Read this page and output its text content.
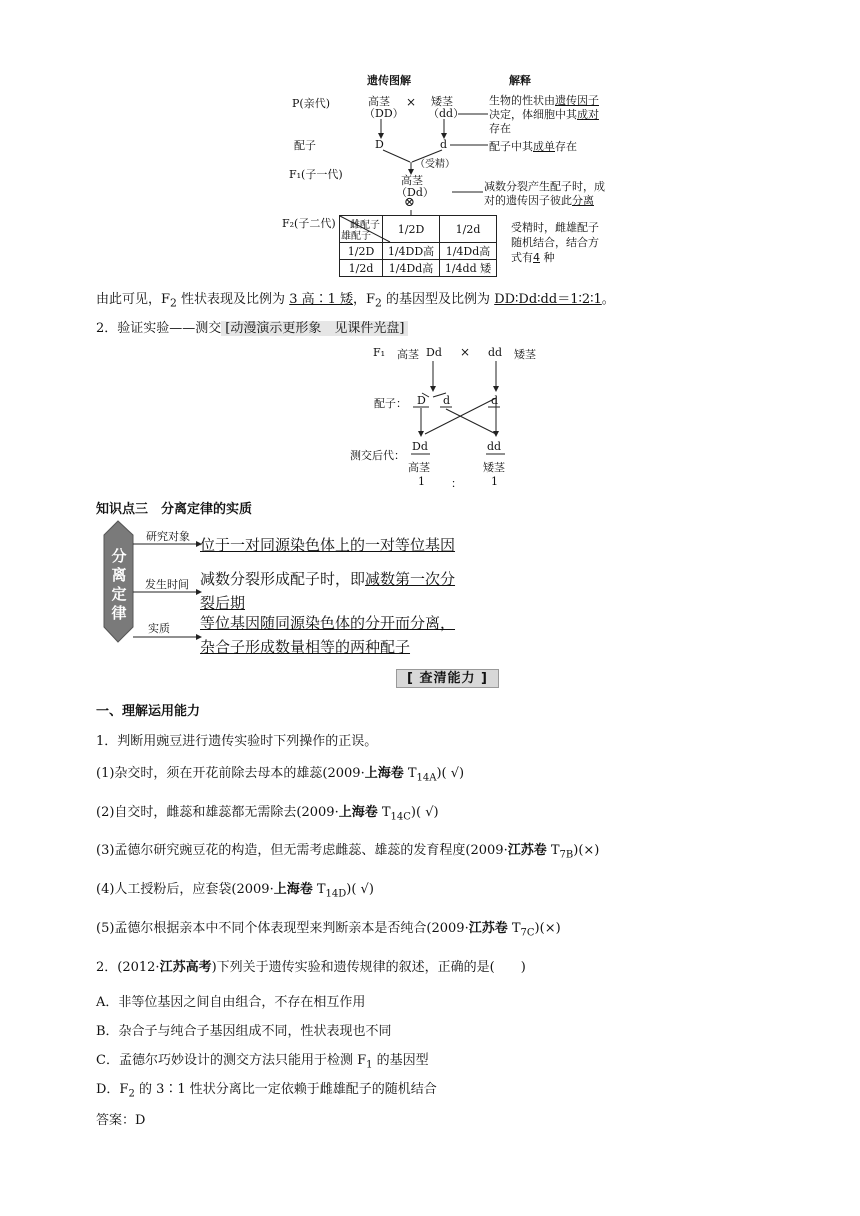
遗传图解	解释
P(亲代)	高茎
（DD）
× 矮茎
（dd）
生物的性状由遗传因子
决定，体细胞中其成对
存在
配子	D	d	配子中其成单存在
（受精）
F₁(子一代)	高茎
（Dd）
⊗
减数分裂产生配子时，成
对的遗传因子彼此分离
F₂(子二代) 雌配子
雄配子	1/2D	1/2d
1/2D	1/4DD高	1/4Dd高
1/2d	1/4Dd高	1/4dd 矮
受精时，雌雄配子
随机结合，结合方
式有4 种
由此可见，$F_2$ 性状表现及比例为 3 高∶1 矮，$F_2$ 的基因型及比例为 DD∶Dd∶dd＝1∶2∶1。
2．验证实验——测交 [动漫演示更形象　见课件光盘]
F₁ 高茎 Dd × dd 矮茎
配子： D d	d
测交后代：
Dd	dd
高茎	矮茎
1 ：	1
知识点三　分离定律的实质
分
离
定
律
研究对象 位于一对同源染色体上的一对等位基因
发生时间 减数分裂形成配子时，即减数第一次分
裂后期
实质 等位基因随同源染色体的分开而分离，
杂合子形成数量相等的两种配子
[ 查清能力 ]
一、理解运用能力
1．判断用豌豆进行遗传实验时下列操作的正误。
(1)杂交时，须在开花前除去母本的雄蕊(2009·上海卷 $T_{14A}$)( √)
(2)自交时，雌蕊和雄蕊都无需除去(2009·上海卷 $T_{14C}$)( √)
(3)孟德尔研究豌豆花的构造，但无需考虑雌蕊、雄蕊的发育程度(2009·江苏卷 $T_{7B})(\times)$
(4)人工授粉后，应套袋(2009·上海卷 $T_{14D}$)( √)
(5)孟德尔根据亲本中不同个体表现型来判断亲本是否纯合(2009·江苏卷 $T_{7C})(\times)$
2．(2012·江苏高考)下列关于遗传实验和遗传规律的叙述，正确的是(　　)
A．非等位基因之间自由组合，不存在相互作用
B．杂合子与纯合子基因组成不同，性状表现也不同
C．孟德尔巧妙设计的测交方法只能用于检测 $F_1$ 的基因型
D．$F_2$ 的 3∶1 性状分离比一定依赖于雌雄配子的随机结合
答案：D
